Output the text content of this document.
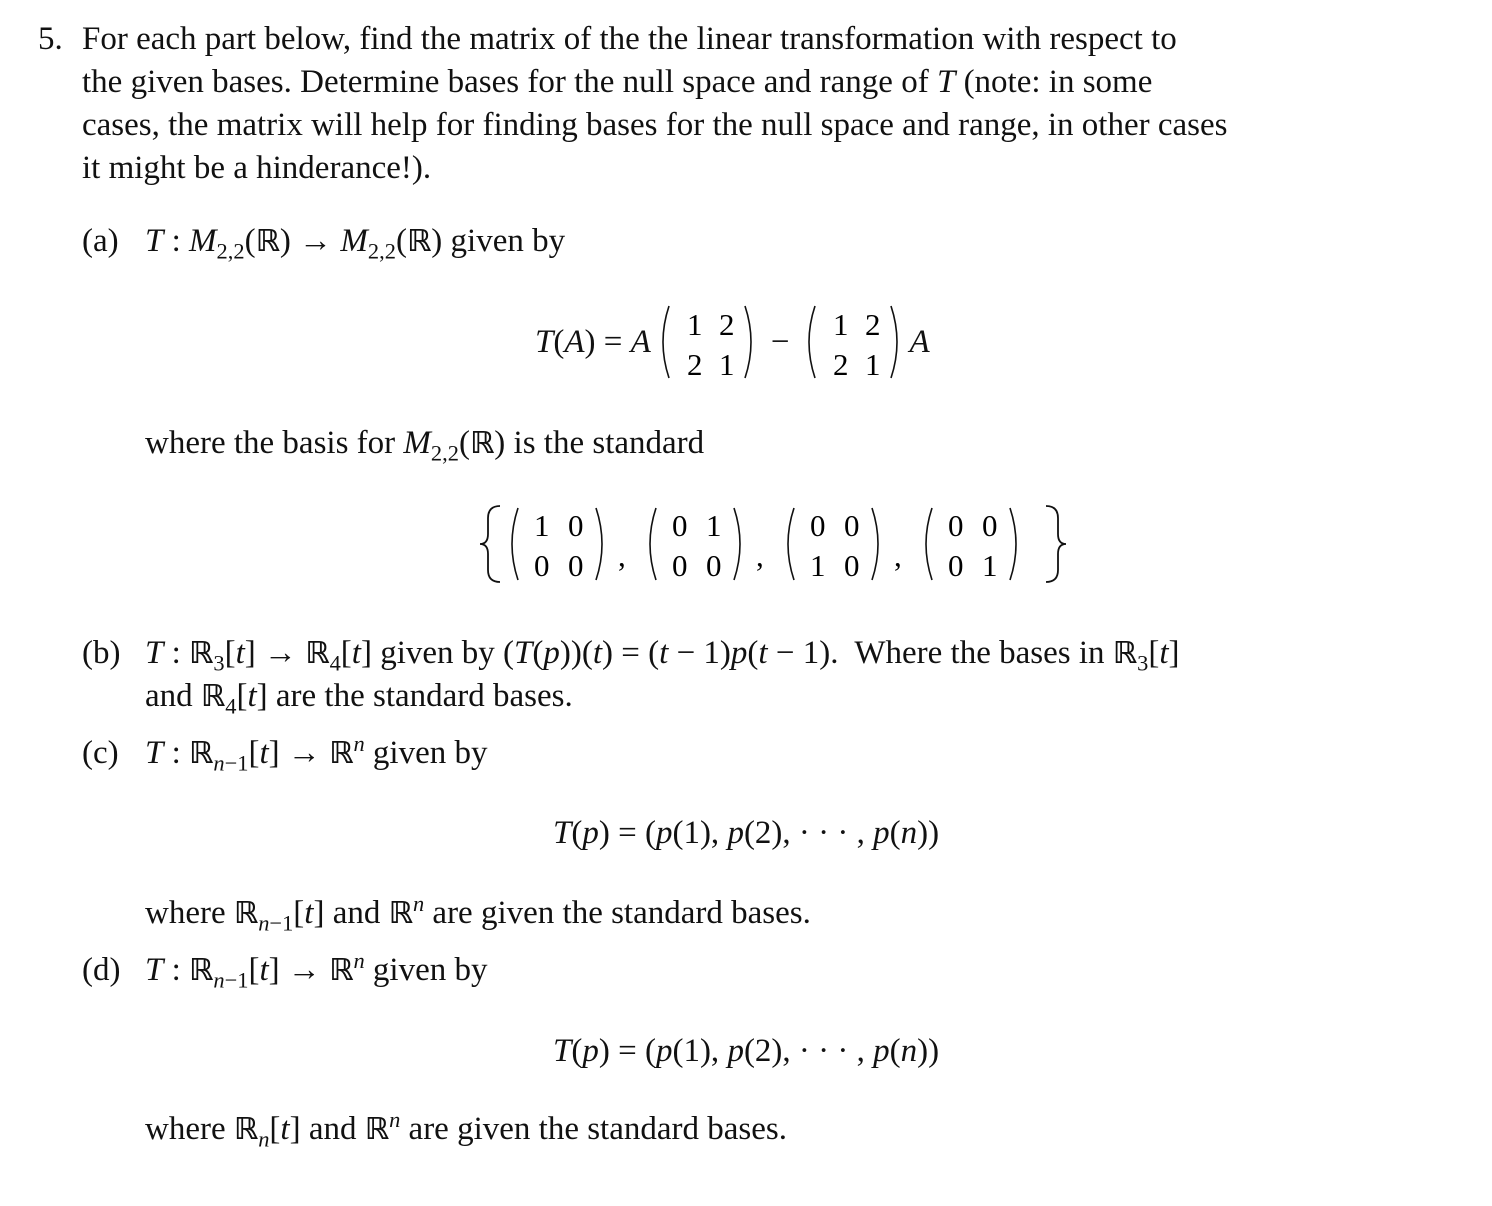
5. For each part below, find the matrix of the the linear transformation with respect to
the given bases. Determine bases for the null space and range of T (note: in some
cases, the matrix will help for finding bases for the null space and range, in other cases
it might be a hinderance!).
(a) T : $M_{2,2}(ℝ)$ → $M_{2,2}(ℝ)$ given by
T(A) = A 1 2
2 1
− 1 2
2 1
A
where the basis for $M_{2,2}(ℝ)$ is the standard
1 0
0 0 ,
0 1
0 0 ,
0 0
1 0 ,
0 0
0 1
(b) T : ℝ$_3$[t] → ℝ$_4$[t] given by (T(p))(t) = (t − 1)p(t − 1).  Where the bases in ℝ$_3$[t]
and ℝ$_4$[t] are the standard bases.
(c) T : ℝ$_{n-1}$[t] → ℝ$^n$ given by
T(p) = (p(1), p(2), · · · , p(n))
where ℝ$_{n-1}$[t] and ℝ$^n$ are given the standard bases.
(d) T : ℝ$_{n-1}$[t] → ℝ$^n$ given by
T(p) = (p(1), p(2), · · · , p(n))
where ℝ$_n$[t] and ℝ$^n$ are given the standard bases.
